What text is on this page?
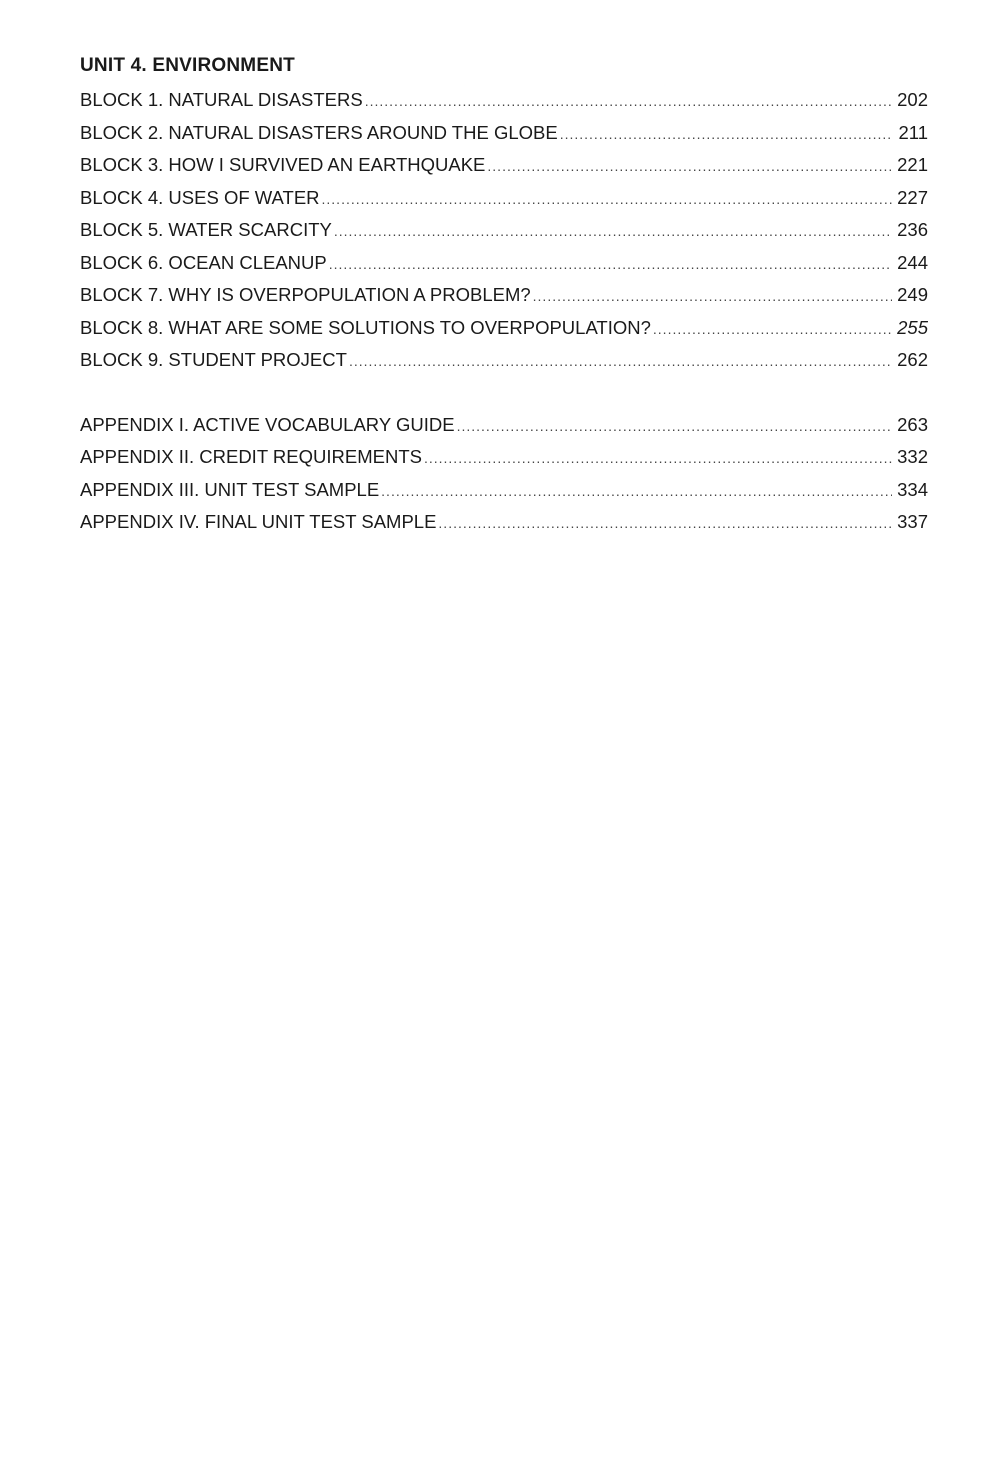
UNIT 4. ENVIRONMENT
BLOCK 1. NATURAL DISASTERS .....	202
BLOCK 2. NATURAL DISASTERS AROUND THE GLOBE .....	211
BLOCK 3. HOW I SURVIVED AN EARTHQUAKE .....	221
BLOCK 4. USES OF WATER .....	227
BLOCK 5. WATER SCARCITY .....	236
BLOCK 6. OCEAN CLEANUP .....	244
BLOCK 7. WHY IS OVERPOPULATION A PROBLEM? .....	249
BLOCK 8. WHAT ARE SOME SOLUTIONS TO OVERPOPULATION? .....	255
BLOCK 9. STUDENT PROJECT .....	262
APPENDIX I. ACTIVE VOCABULARY GUIDE .....	263
APPENDIX II. CREDIT REQUIREMENTS .....	332
APPENDIX III. UNIT TEST SAMPLE .....	334
APPENDIX IV. FINAL UNIT TEST SAMPLE .....	337
